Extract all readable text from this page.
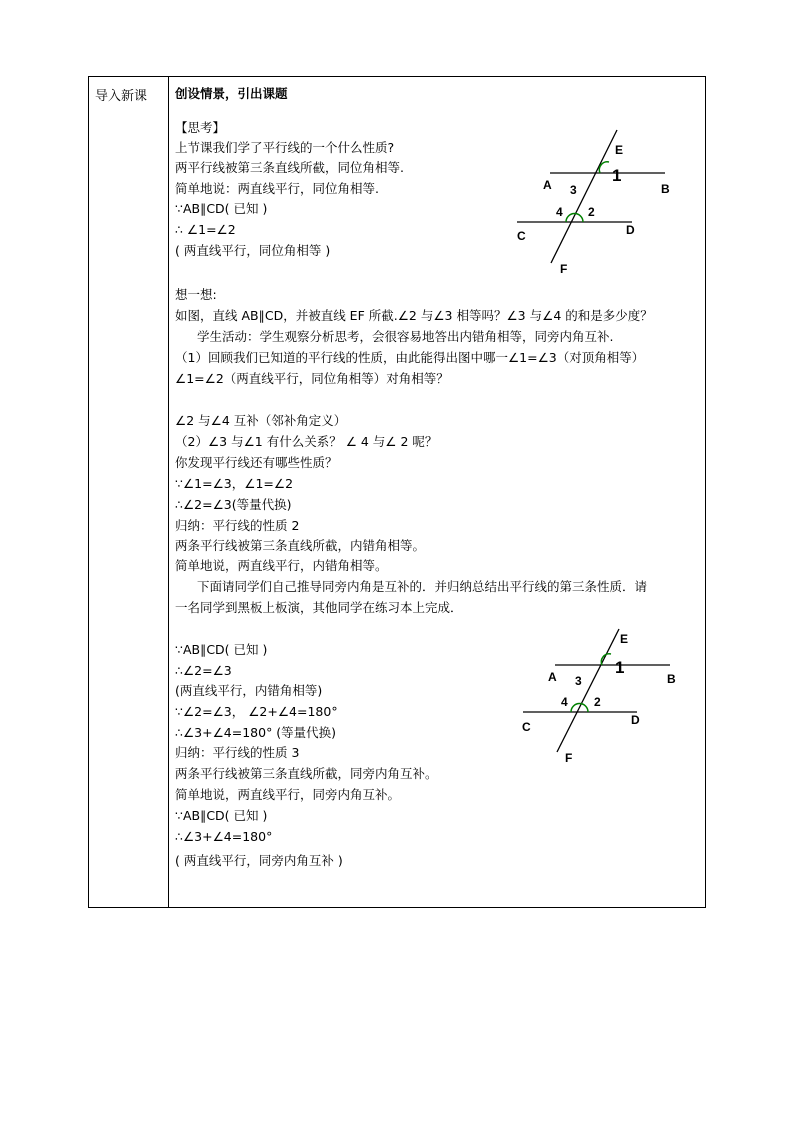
导入新课 创设情景，引出课题
【思考】
上节课我们学了平行线的一个什么性质?
两平行线被第三条直线所截，同位角相等.
简单地说：两直线平行，同位角相等.
∵AB∥CD( 已知 )
∴ ∠1=∠2
( 两直线平行，同位角相等 )
想一想:
如图，直线 AB∥CD，并被直线 EF 所截.∠2 与∠3 相等吗？∠3 与∠4 的和是多少度？
学生活动：学生观察分析思考，会很容易地答出内错角相等，同旁内角互补.
（1）回顾我们已知道的平行线的性质，由此能得出图中哪一∠1=∠3（对顶角相等）
∠1=∠2（两直线平行，同位角相等）对角相等？
∠2 与∠4 互补（邻补角定义）
（2）∠3 与∠1 有什么关系？ ∠ 4 与∠ 2 呢？
你发现平行线还有哪些性质？
∵∠1=∠3，∠1=∠2
∴∠2=∠3(等量代换)
归纳：平行线的性质 2
两条平行线被第三条直线所截，内错角相等。
简单地说，两直线平行，内错角相等。
下面请同学们自己推导同旁内角是互补的．并归纳总结出平行线的第三条性质．请
一名同学到黑板上板演，其他同学在练习本上完成．
∵AB∥CD( 已知 )
∴∠2=∠3
(两直线平行，内错角相等)
∵∠2=∠3， ∠2+∠4=180°
∴∠3+∠4=180° (等量代换)
归纳：平行线的性质 3
两条平行线被第三条直线所截，同旁内角互补。
简单地说，两直线平行，同旁内角互补。
∵AB∥CD( 已知 )
∴∠3+∠4=180°
( 两直线平行，同旁内角互补 )
E
F
A	B
C	D
1
2
3
4
E
F
A	B
C	D
1
2
3
4
